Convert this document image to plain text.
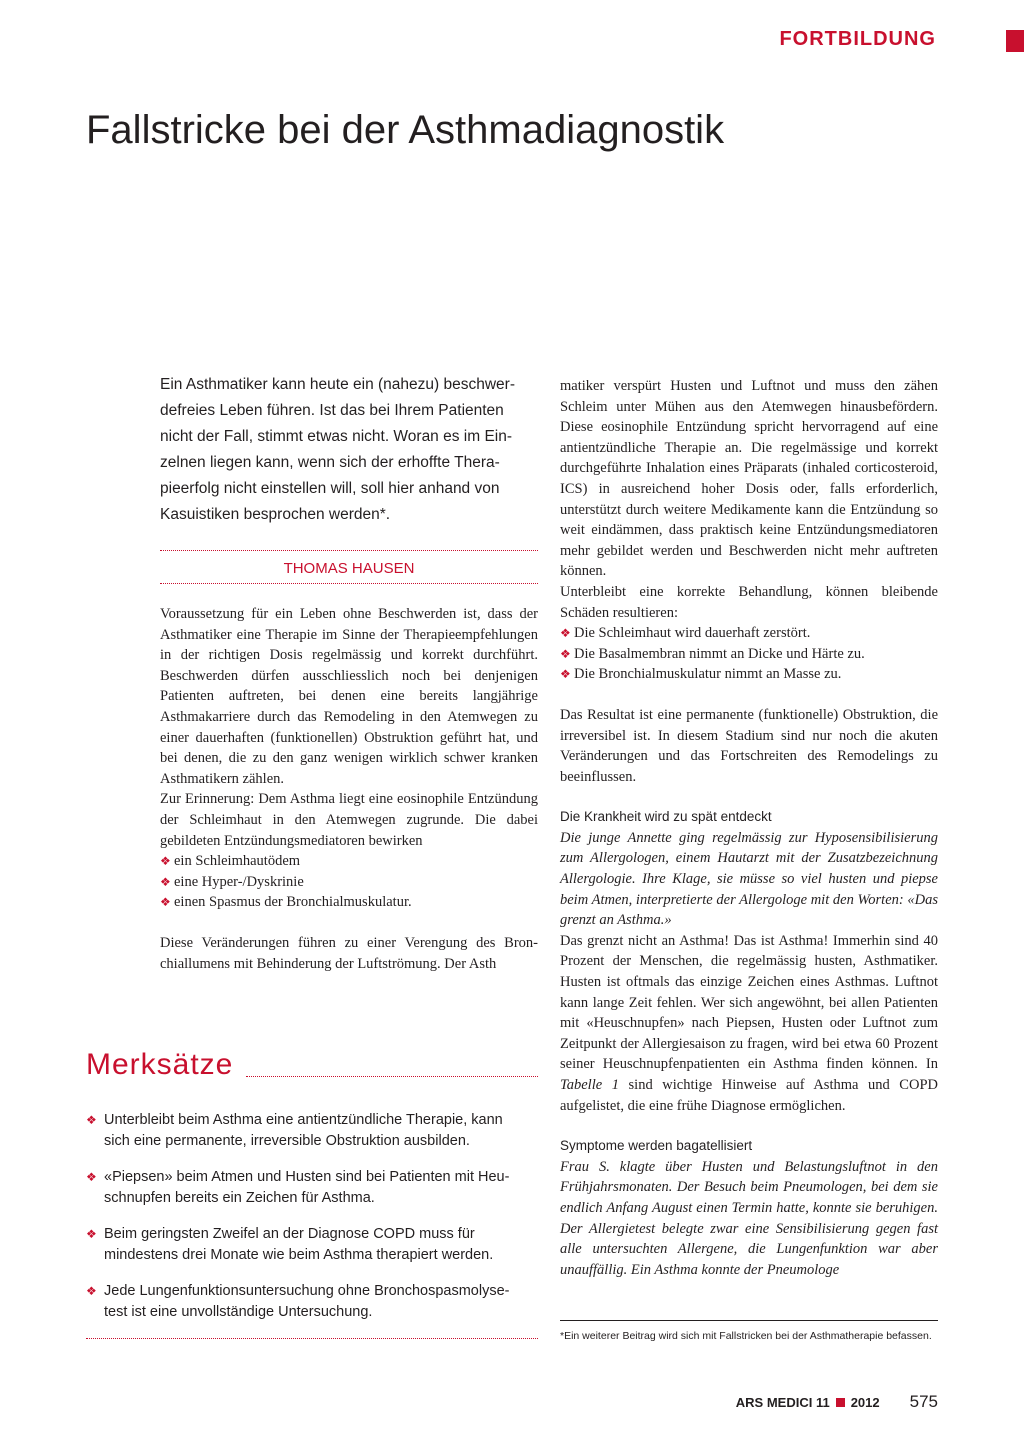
FORTBILDUNG
Fallstricke bei der Asthmadiagnostik
Ein Asthmatiker kann heute ein (nahezu) beschwerdefreies Leben führen. Ist das bei Ihrem Patienten nicht der Fall, stimmt etwas nicht. Woran es im Einzelnen liegen kann, wenn sich der erhoffte Therapieerfolg nicht einstellen will, soll hier anhand von Kasuistiken besprochen werden*.
THOMAS HAUSEN

Voraussetzung für ein Leben ohne Beschwerden ist, dass der Asthmatiker eine Therapie im Sinne der Therapieempfehlungen in der richtigen Dosis regelmässig und korrekt durchführt. Beschwerden dürfen ausschliesslich noch bei denjenigen Patienten auftreten, bei denen eine bereits langjährige Asthmakarriere durch das Remodeling in den Atemwegen zu einer dauerhaften (funktionellen) Obstruktion geführt hat, und bei denen, die zu den ganz wenigen wirklich schwer kranken Asthmatikern zählen.

Zur Erinnerung: Dem Asthma liegt eine eosinophile Entzündung der Schleimhaut in den Atemwegen zugrunde. Die dabei gebildeten Entzündungsmediatoren bewirken

❖ ein Schleimhautödem
❖ eine Hyper-/Dyskrinie
❖ einen Spasmus der Bronchialmuskulatur.

Diese Veränderungen führen zu einer Verengung des Bronchiallumens mit Behinderung der Luftströmung. Der Asth

matiker verspürt Husten und Luftnot und muss den zähen Schleim unter Mühen aus den Atemwegen hinausbefördern. Diese eosinophile Entzündung spricht hervorragend auf eine antientzündliche Therapie an. Die regelmässige und korrekt durchgeführte Inhalation eines Präparats (inhaled corticosteroid, ICS) in ausreichend hoher Dosis oder, falls erforderlich, unterstützt durch weitere Medikamente kann die Entzündung so weit eindämmen, dass praktisch keine Entzündungsmediatoren mehr gebildet werden und Beschwerden nicht mehr auftreten können.

Unterbleibt eine korrekte Behandlung, können bleibende Schäden resultieren:

❖ Die Schleimhaut wird dauerhaft zerstört.
❖ Die Basalmembran nimmt an Dicke und Härte zu.
❖ Die Bronchialmuskulatur nimmt an Masse zu.

Das Resultat ist eine permanente (funktionelle) Obstruktion, die irreversibel ist. In diesem Stadium sind nur noch die akuten Veränderungen und das Fortschreiten des Remodelings zu beeinflussen.

Die Krankheit wird zu spät entdeckt

Die junge Annette ging regelmässig zur Hyposensibilisierung zum Allergologen, einem Hautarzt mit der Zusatzbezeichnung Allergologie. Ihre Klage, sie müsse so viel husten und piepse beim Atmen, interpretierte der Allergologe mit den Worten: «Das grenzt an Asthma.»

Das grenzt nicht an Asthma! Das ist Asthma! Immerhin sind 40 Prozent der Menschen, die regelmässig husten, Asthmatiker. Husten ist oftmals das einzige Zeichen eines Asthmas. Luftnot kann lange Zeit fehlen. Wer sich angewöhnt, bei allen Patienten mit «Heuschnupfen» nach Piepsen, Husten oder Luftnot zum Zeitpunkt der Allergiesaison zu fragen, wird bei etwa 60 Prozent seiner Heuschnupfenpatienten ein Asthma finden können. In Tabelle 1 sind wichtige Hinweise auf Asthma und COPD aufgelistet, die eine frühe Diagnose ermöglichen.

Symptome werden bagatellisiert

Frau S. klagte über Husten und Belastungsluftnot in den Frühjahrsmonaten. Der Besuch beim Pneumologen, bei dem sie endlich Anfang August einen Termin hatte, konnte sie beruhigen. Der Allergietest belegte zwar eine Sensibilisierung gegen fast alle untersuchten Allergene, die Lungenfunktion war aber unauffällig. Ein Asthma konnte der Pneumologe

Merksätze
❖ Unterbleibt beim Asthma eine antientzündliche Therapie, kann sich eine permanente, irreversible Obstruktion ausbilden.
❖ «Piepsen» beim Atmen und Husten sind bei Patienten mit Heuschnupfen bereits ein Zeichen für Asthma.
❖ Beim geringsten Zweifel an der Diagnose COPD muss für mindestens drei Monate wie beim Asthma therapiert werden.
❖ Jede Lungenfunktionsuntersuchung ohne Bronchospasmolysetest ist eine unvollständige Untersuchung.
*Ein weiterer Beitrag wird sich mit Fallstricken bei der Asthmatherapie befassen.
ARS MEDICI 11 2012 575
